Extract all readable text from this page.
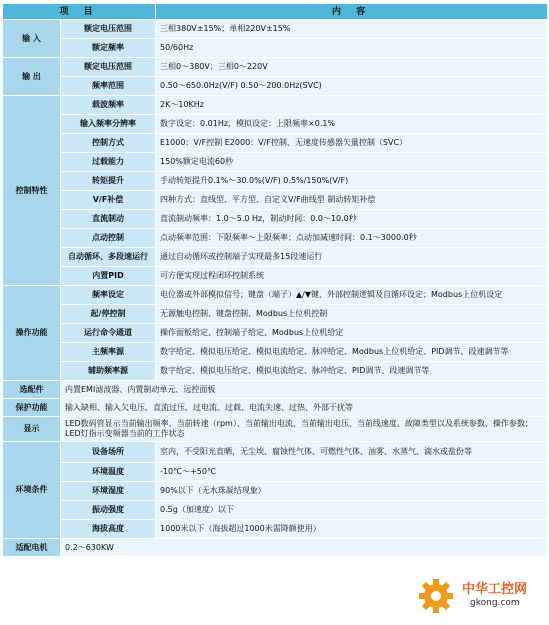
项 目		内 容
输 入	额定电压范围	三相380V±15%；单相220V±15%
	额定频率	50/60Hz
输 出	额定电压范围	三相0～380V；三相0～220V
	频率范围	0.50～650.0Hz(V/F) 0.50～200.0Hz(SVC)
控制特性	载波频率	2K～10KHz
	输入频率分辨率	数字设定：0.01Hz，模拟设定：上限频率×0.1%
	控制方式	E1000：V/F控制 E2000：V/F控制、无速度传感器矢量控制（SVC）
	过载能力	150%额定电流60秒
	转矩提升	手动转矩提升0.1%～30.0%(V/F) 0.5%/150%(V/F)
	V/F补偿	四种方式：直线型、平方型、自定义V/F曲线型 制动转矩补偿
	直流制动	直流制动频率：1.0～5.0 Hz，制动时间：0.0～10.0秒
	点动控制	点动频率范围：下限频率～上限频率；点动加减速时间：0.1～3000.0秒
	自动循环、多段速运行	通过自动循环或控制端子实现最多15段速运行
	内置PID	可方便实现过程闭环控制系统
操作功能	频率设定	电位器或外部模拟信号；键盘（端子）▲/▼键、外部控制逻辑及自循环设定；Modbus上位机设定
	起/停控制	无源触电控制、键盘控制、Modbus上位机控制
	运行命令通道	操作面板给定、控制端子给定、Modbus上位机给定
	主频率源	数字给定、模拟电压给定、模拟电流给定、脉冲给定、Modbus上位机给定、PID调节、段速调节等
	辅助频率源	数字给定、模拟电压给定、模拟电流给定、脉冲给定、PID调节、段速调节等
选配件	内置EMI滤波器、内置制动单元、远控面板	
保护功能	输入缺相、输入欠电压、直流过压、过电流、过载、电流失速、过热、外部干扰等	
显示	LED数码管显示当前输出频率、当前转速（rpm）、当前输出电流、当前输出电压、当前线速度、故障类型以及系统参数、操作参数；LED灯指示变频器当前的工作状态	
环境条件	设备场所	室内，不受阳光直晒，无尘埃、腐蚀性气体、可燃性气体、油雾、水蒸气、滴水或盐份等
	环境温度	-10℃～+50℃
	环境湿度	90%以下（无水珠凝结现象）
	振动强度	0.5g（加速度）以下
	海拔高度	1000米以下（海拔超过1000米需降额使用）
适配电机	0.2～630KW	
中华工控网
gkong.com
